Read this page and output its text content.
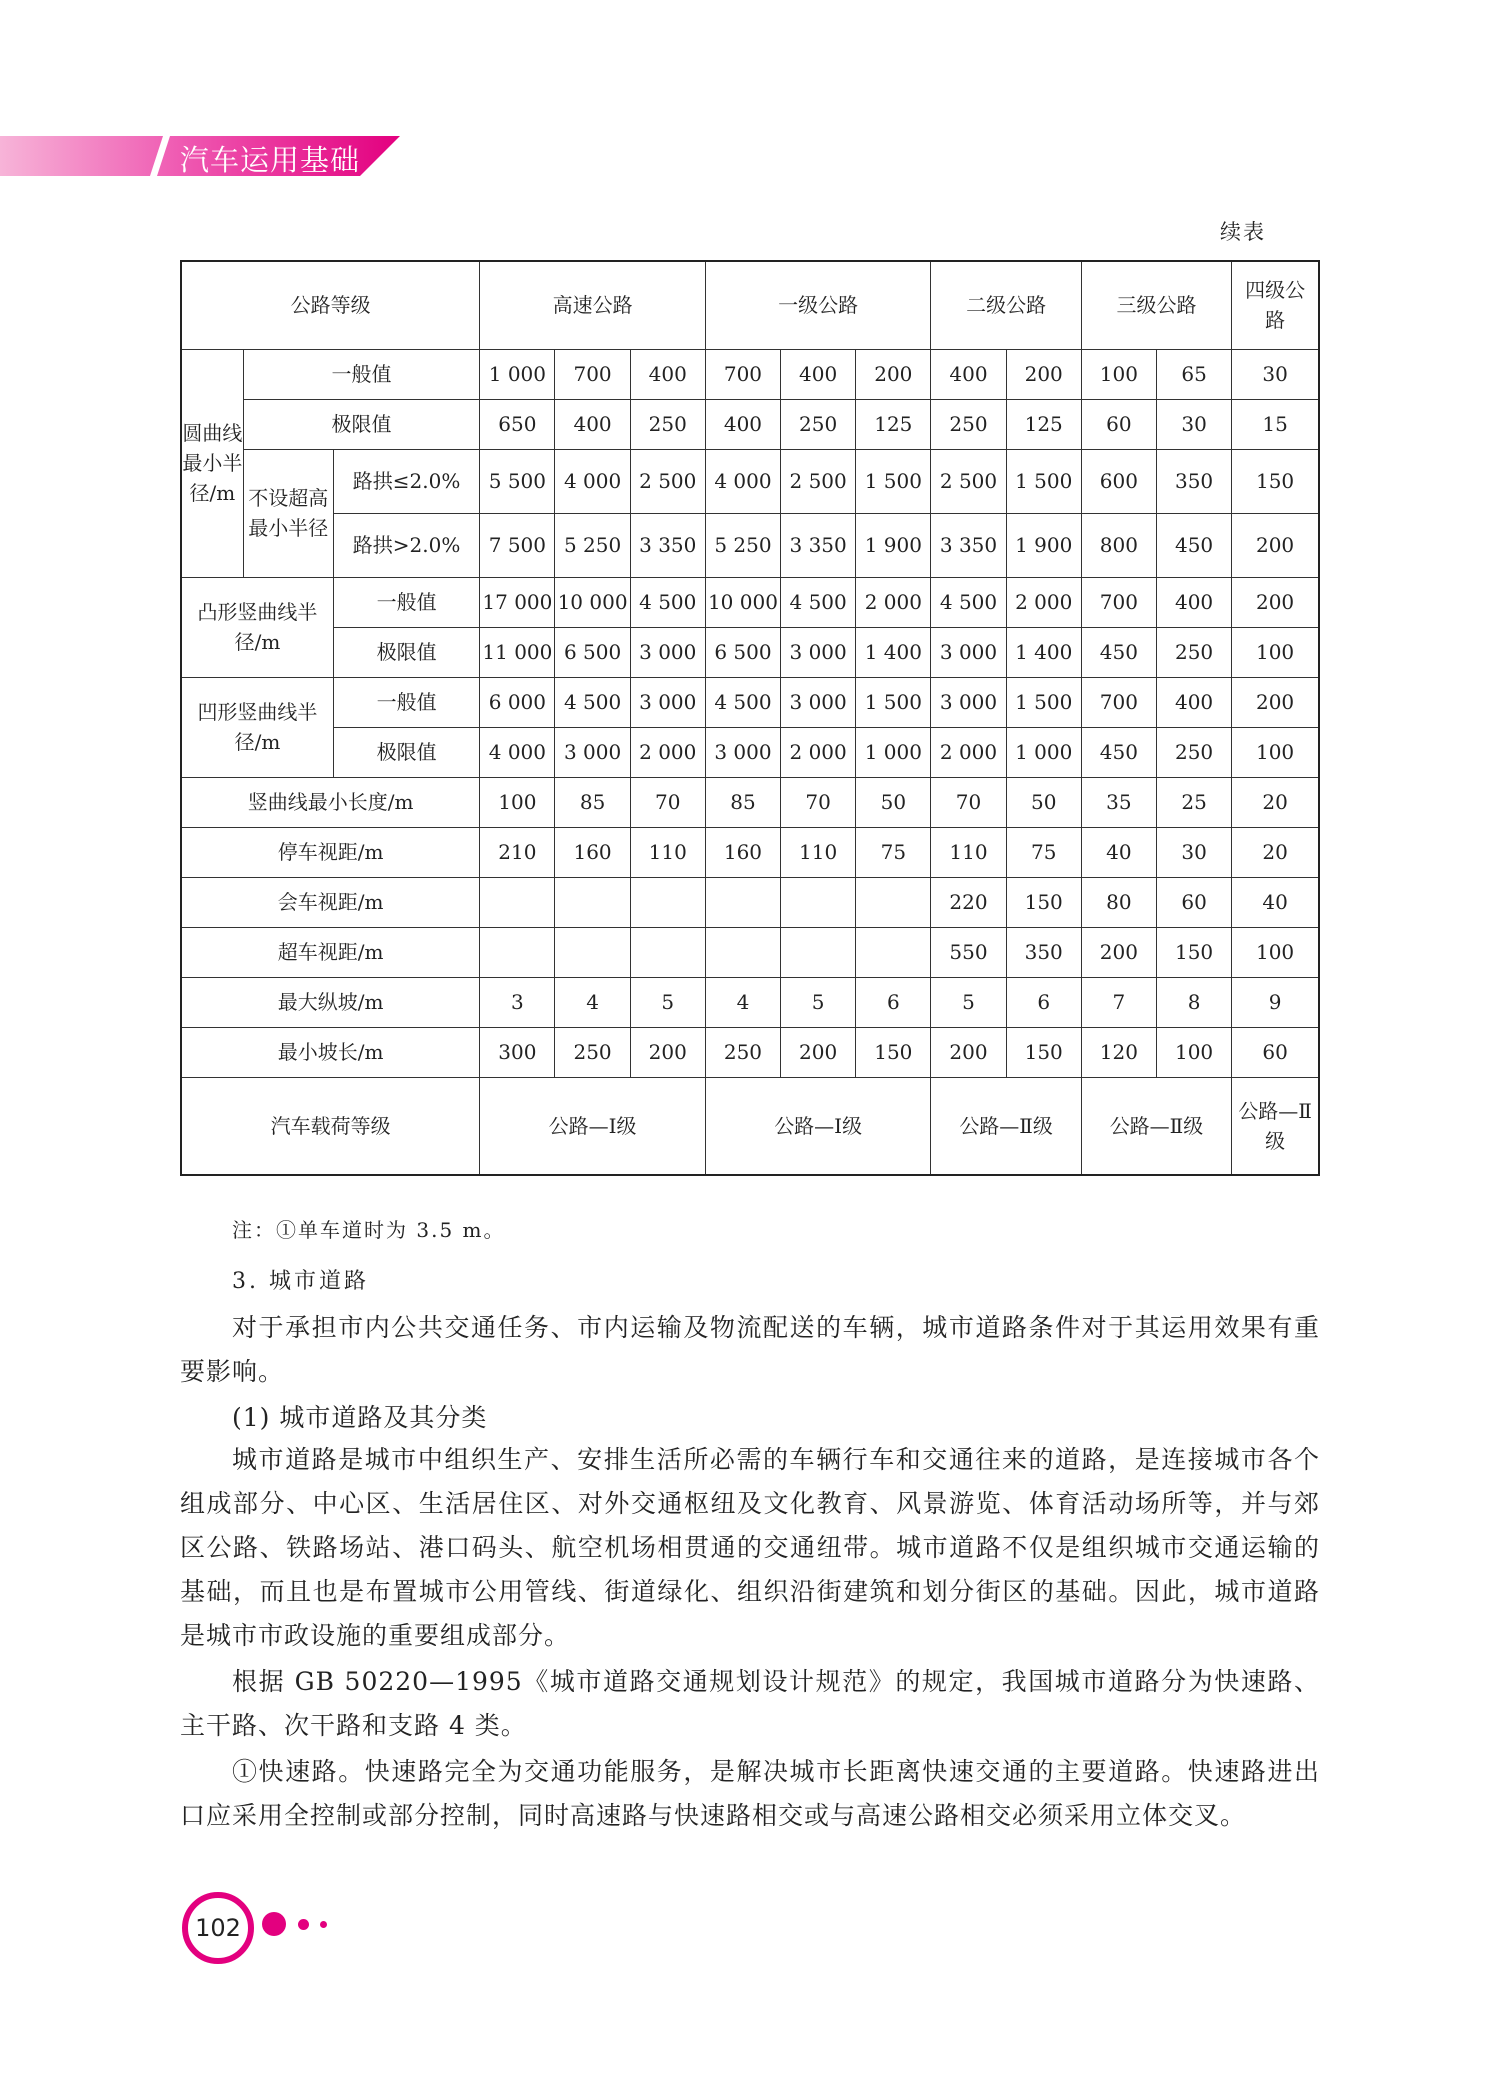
汽车运用基础
续表
公路等级			高速公路			一级公路			二级公路		三级公路		四级公路
圆曲线最小半径/m	一般值		1 000	700	400	700	400	200	400	200	100	65	30
	极限值		650	400	250	400	250	125	250	125	60	30	15
	不设超高最小半径	路拱≤2.0%	5 500	4 000	2 500	4 000	2 500	1 500	2 500	1 500	600	350	150
		路拱>2.0%	7 500	5 250	3 350	5 250	3 350	1 900	3 350	1 900	800	450	200
凸形竖曲线半径/m		一般值	17 000	10 000	4 500	10 000	4 500	2 000	4 500	2 000	700	400	200
		极限值	11 000	6 500	3 000	6 500	3 000	1 400	3 000	1 400	450	250	100
凹形竖曲线半径/m		一般值	6 000	4 500	3 000	4 500	3 000	1 500	3 000	1 500	700	400	200
		极限值	4 000	3 000	2 000	3 000	2 000	1 000	2 000	1 000	450	250	100
竖曲线最小长度/m			100	85	70	85	70	50	70	50	35	25	20
停车视距/m			210	160	110	160	110	75	110	75	40	30	20
会车视距/m									220	150	80	60	40
超车视距/m									550	350	200	150	100
最大纵坡/m			3	4	5	4	5	6	5	6	7	8	9
最小坡长/m			300	250	200	250	200	150	200	150	120	100	60
汽车载荷等级			公路—Ⅰ级			公路—Ⅰ级			公路—Ⅱ级		公路—Ⅱ级		公路—Ⅱ级
注：①单车道时为 3.5 m。
3. 城市道路
对于承担市内公共交通任务、市内运输及物流配送的车辆，城市道路条件对于其运用效果有重要影响。
(1) 城市道路及其分类
城市道路是城市中组织生产、安排生活所必需的车辆行车和交通往来的道路，是连接城市各个组成部分、中心区、生活居住区、对外交通枢纽及文化教育、风景游览、体育活动场所等，并与郊区公路、铁路场站、港口码头、航空机场相贯通的交通纽带。城市道路不仅是组织城市交通运输的基础，而且也是布置城市公用管线、街道绿化、组织沿街建筑和划分街区的基础。因此，城市道路是城市市政设施的重要组成部分。
根据 GB 50220—1995《城市道路交通规划设计规范》的规定，我国城市道路分为快速路、主干路、次干路和支路 4 类。
①快速路。快速路完全为交通功能服务，是解决城市长距离快速交通的主要道路。快速路进出口应采用全控制或部分控制，同时高速路与快速路相交或与高速公路相交必须采用立体交叉。
102
